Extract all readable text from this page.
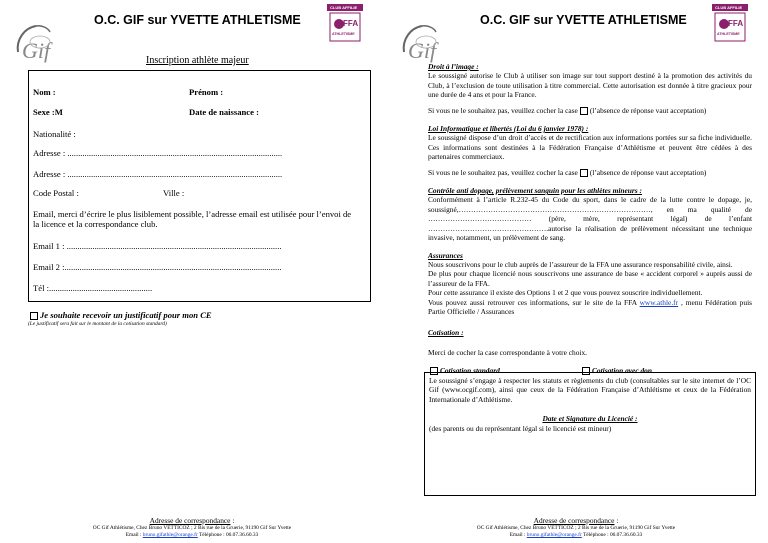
Gif
O.C. GIF sur YVETTE ATHLETISME
CLUB AFFILIE
FFA
ATHLETISME
Inscription athlète majeur
Nom :	Prénom :
Sexe :M	Date de naissance :
Nationalité :
Adresse : ....................................................................................................
Adresse : ....................................................................................................
Code Postal :	Ville :
Email, merci d’écrire le plus lisiblement possible, l’adresse email est utilisée pour l’envoi de la licence et la correspondance club.
Email 1 : ....................................................................................................
Email 2 :.....................................................................................................
Tél :................................................
Je souhaite recevoir un justificatif pour mon CE
(Le justificatif sera fait sur le montant de la cotisation standard)
Adresse de correspondance :
OC Gif Athlétisme, Chez Bruno VETTICOZ ; 2 Bis rue de la Gruerie, 91190 Gif Sur Yvette
Email : bruno.gifathle@orange.fr Téléphone : 06.07.36.60.33
Gif
O.C. GIF sur YVETTE ATHLETISME
CLUB AFFILIE
FFA
ATHLETISME
Droit à l’image :
Le soussigné autorise le Club à utiliser son image sur tout support destiné à la promotion des activités du Club, à l’exclusion de toute utilisation à titre commercial. Cette autorisation est donnée à titre gracieux pour une durée de 4 ans et pour la France.
Si vous ne le souhaitez pas, veuillez cocher la case (l’absence de réponse vaut acceptation)
Loi Informatique et libertés (Loi du 6 janvier 1978) :
Le soussigné dispose d’un droit d’accès et de rectification aux informations portées sur sa fiche individuelle. Ces informations sont destinées à la Fédération Française d’Athlétisme et peuvent être cédées à des partenaires commerciaux.
Si vous ne le souhaitez pas, veuillez cocher la case (l’absence de réponse vaut acceptation)
Contrôle anti dopage, prélèvement sanguin pour les athlètes mineurs :
Conformément à l’article R.232-45 du Code du sport, dans le cadre de la lutte contre le dopage, je, soussigné,……………………………………………………………………, en ma qualité de …………………………………… (père, mère, représentant légal) de l’enfant ………………………………………….autorise la réalisation de prélèvement nécessitant une technique invasive, notamment, un prélèvement de sang.
Assurances
Nous souscrivons pour le club auprès de l’assureur de la FFA une assurance responsabilité civile, ainsi.
De plus pour chaque licencié nous souscrivons une assurance de base « accident corporel » auprès aussi de l’assureur de la FFA.
Pour cette assurance il existe des Options 1 et 2 que vous pouvez souscrire individuellement.
Vous pouvez aussi retrouver ces informations, sur le site de la FFA www.athle.fr , menu Fédération puis Partie Officielle / Assurances
Cotisation :
Merci de cocher la case correspondante à votre choix.
Cotisation standard	Cotisation avec don
Le soussigné s’engage à respecter les statuts et règlements du club (consultables sur le site internet de l’OC Gif (www.ocgif.com), ainsi que ceux de la Fédération Française d’Athlétisme et ceux de la Fédération Internationale d’Athlétisme.
Date et Signature du Licencié :
(des parents ou du représentant légal si le licencié est mineur)
Adresse de correspondance :
OC Gif Athlétisme, Chez Bruno VETTICOZ ; 2 Bis rue de la Gruerie, 91190 Gif Sur Yvette
Email : bruno.gifathle@orange.fr Téléphone : 06.07.36.60.33
